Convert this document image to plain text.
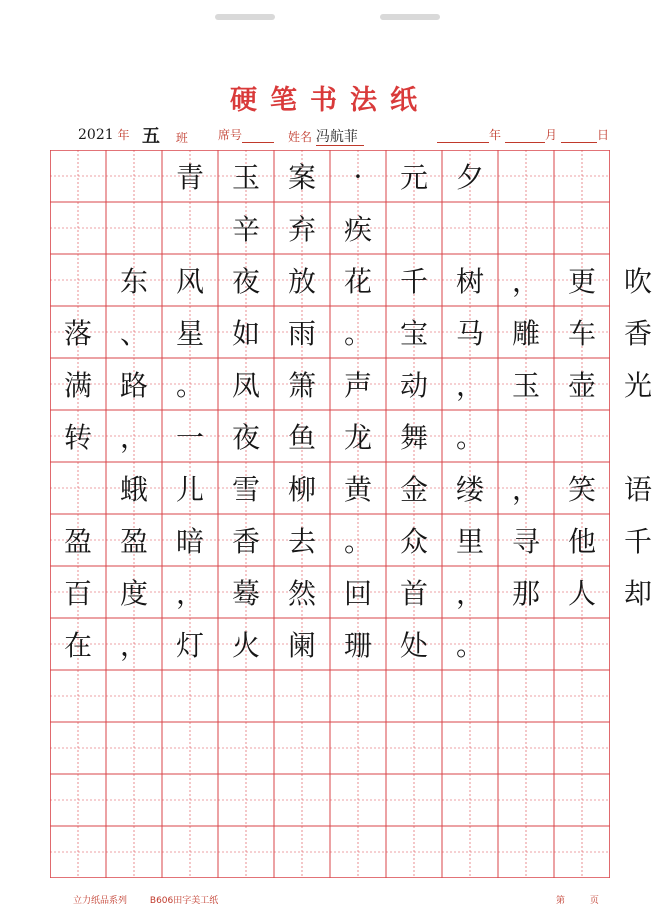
硬笔书法纸
2021 年 五 班	席号	姓名 冯航菲	年	月	日
青 玉 案	·	元 夕
辛 弃 疾
东 风 夜 放 花 千 树 ， 更 吹
落 、 星 如 雨 。 宝 马 雕 车 香
满 路 。 凤 箫 声 动 ， 玉 壶 光
转 ， 一 夜 鱼 龙 舞 。
蛾 儿 雪 柳 黄 金 缕 ， 笑 语
盈 盈 暗 香 去 。 众 里 寻 他 千
百 度 ， 蓦 然 回 首 ， 那 人 却
在 ， 灯 火 阑 珊 处 。
立力纸品系列	B606田字美工纸	第	页
